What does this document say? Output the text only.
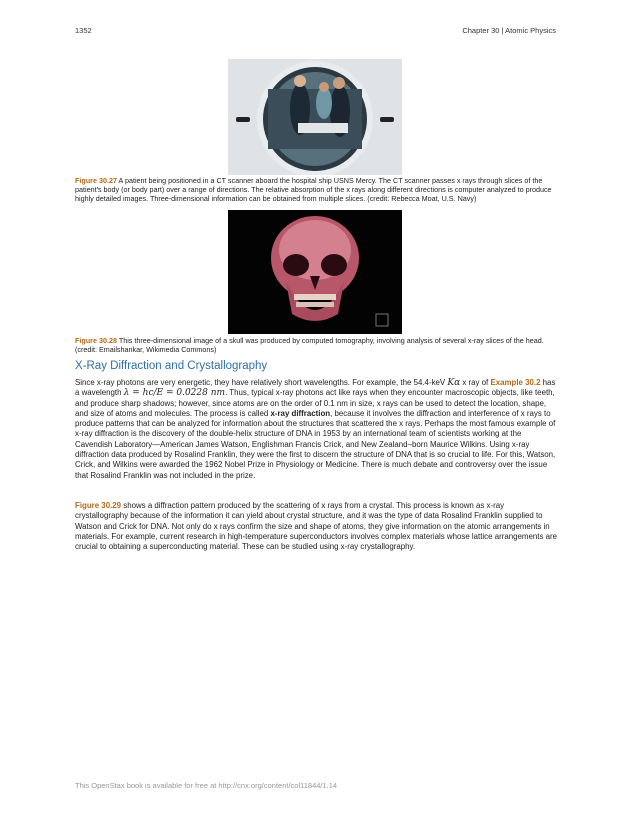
1352	Chapter 30 | Atomic Physics
Figure 30.27 A patient being positioned in a CT scanner aboard the hospital ship USNS Mercy. The CT scanner passes x rays through slices of the patient's body (or body part) over a range of directions. The relative absorption of the x rays along different directions is computer analyzed to produce highly detailed images. Three-dimensional information can be obtained from multiple slices. (credit: Rebecca Moat, U.S. Navy)
Figure 30.28 This three-dimensional image of a skull was produced by computed tomography, involving analysis of several x-ray slices of the head. (credit: Emailshankar, Wikimedia Commons)
X-Ray Diffraction and Crystallography
Since x-ray photons are very energetic, they have relatively short wavelengths. For example, the 54.4-keV Kα x ray of Example 30.2 has a wavelength λ = hc/E = 0.0228 nm. Thus, typical x-ray photons act like rays when they encounter macroscopic objects, like teeth, and produce sharp shadows; however, since atoms are on the order of 0.1 nm in size, x rays can be used to detect the location, shape, and size of atoms and molecules. The process is called x-ray diffraction, because it involves the diffraction and interference of x rays to produce patterns that can be analyzed for information about the structures that scattered the x rays. Perhaps the most famous example of x-ray diffraction is the discovery of the double-helix structure of DNA in 1953 by an international team of scientists working at the Cavendish Laboratory—American James Watson, Englishman Francis Crick, and New Zealand–born Maurice Wilkins. Using x-ray diffraction data produced by Rosalind Franklin, they were the first to discern the structure of DNA that is so crucial to life. For this, Watson, Crick, and Wilkins were awarded the 1962 Nobel Prize in Physiology or Medicine. There is much debate and controversy over the issue that Rosalind Franklin was not included in the prize.
Figure 30.29 shows a diffraction pattern produced by the scattering of x rays from a crystal. This process is known as x-ray crystallography because of the information it can yield about crystal structure, and it was the type of data Rosalind Franklin supplied to Watson and Crick for DNA. Not only do x rays confirm the size and shape of atoms, they give information on the atomic arrangements in materials. For example, current research in high-temperature superconductors involves complex materials whose lattice arrangements are crucial to obtaining a superconducting material. These can be studied using x-ray crystallography.
This OpenStax book is available for free at http://cnx.org/content/col11844/1.14
